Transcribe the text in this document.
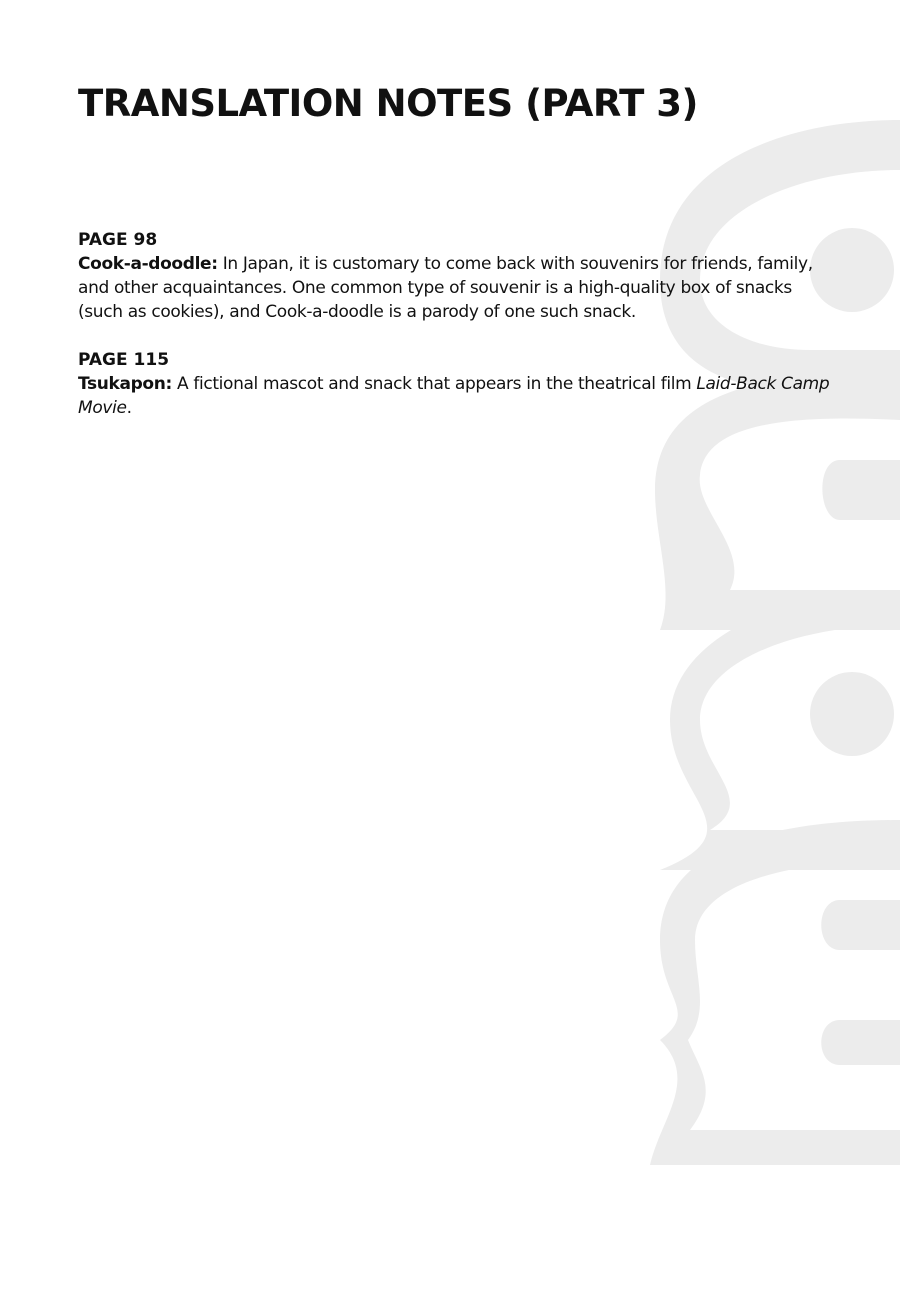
TRANSLATION NOTES (PART 3)
PAGE 98

Cook-a-doodle: In Japan, it is customary to come back with souvenirs for friends, family, and other acquaintances. One common type of souvenir is a high-quality box of snacks (such as cookies), and Cook-a-doodle is a parody of one such snack.

PAGE 115

Tsukapon: A fictional mascot and snack that appears in the theatrical film Laid-Back Camp Movie.
